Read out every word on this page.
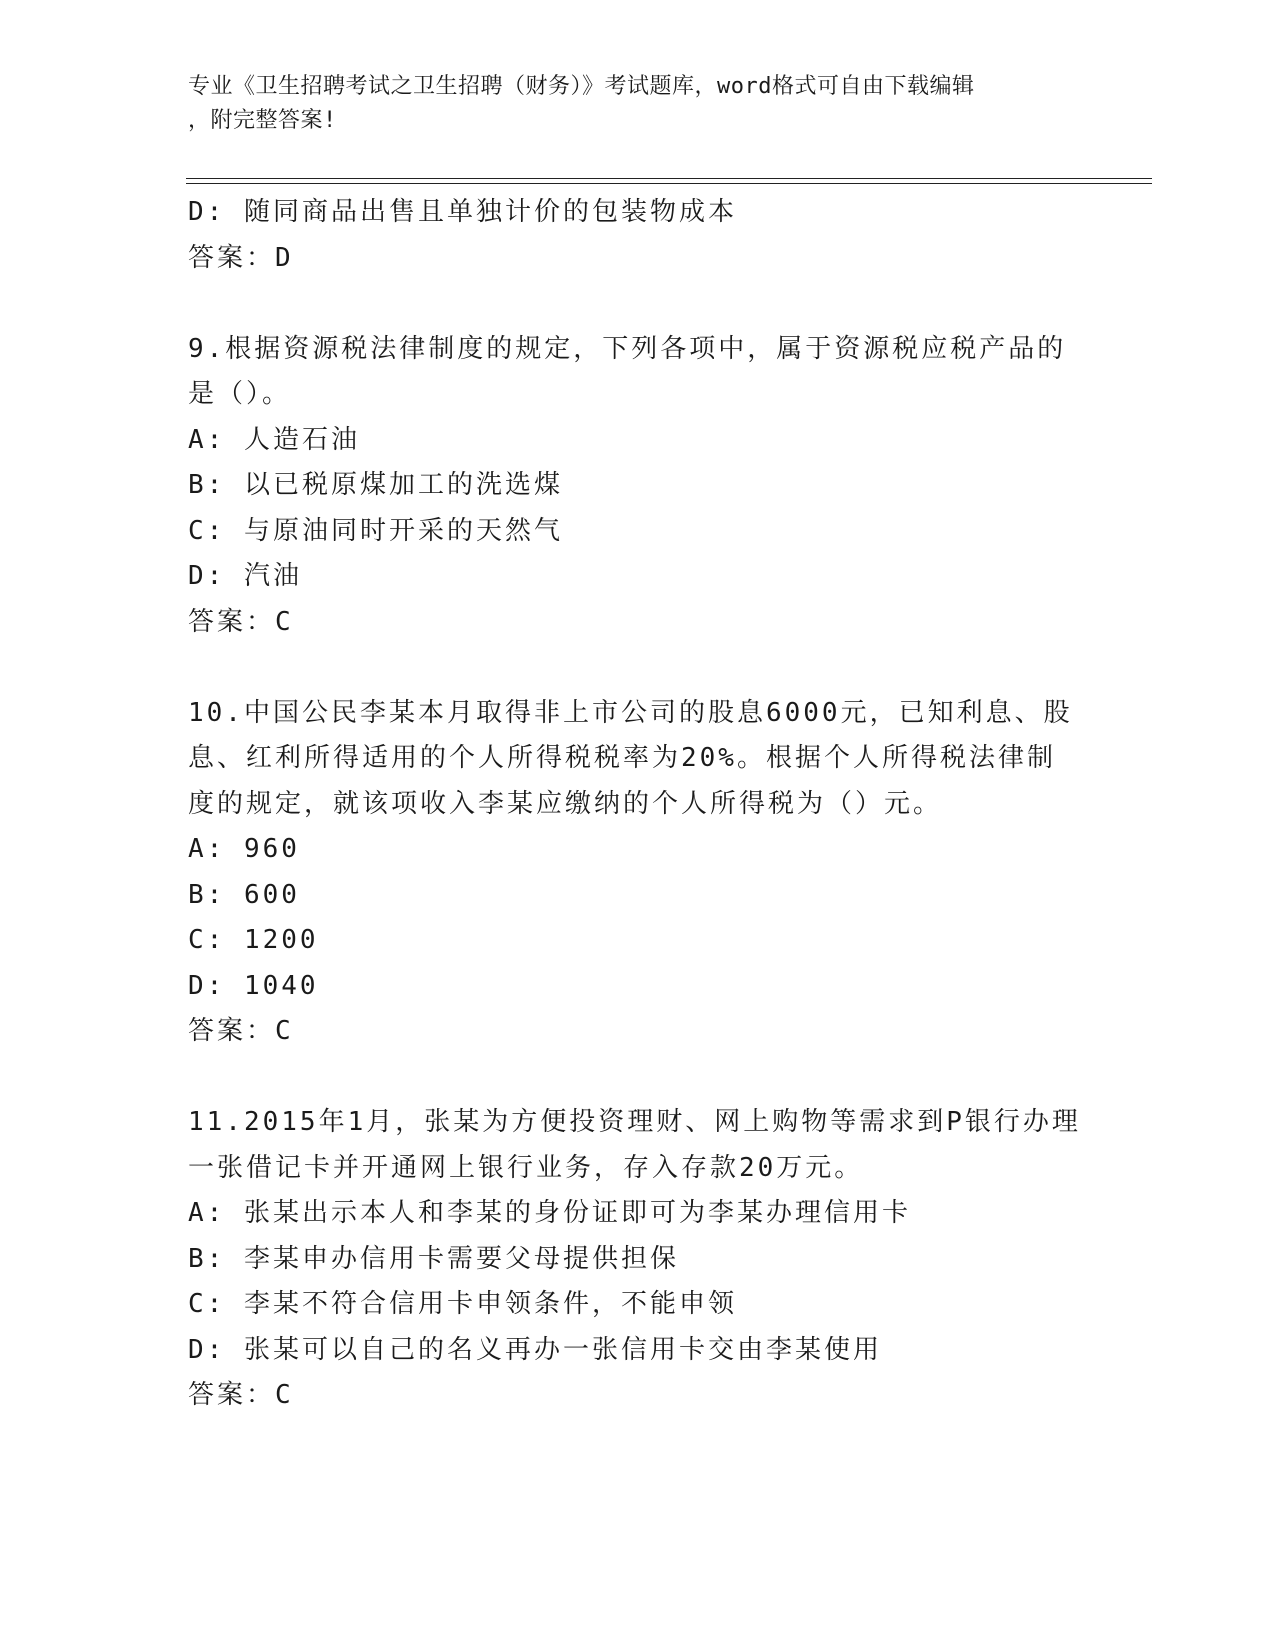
专业《卫生招聘考试之卫生招聘（财务）》考试题库，word格式可自由下载编辑
，附完整答案!
D: 随同商品出售且单独计价的包装物成本
答案：D
9.根据资源税法律制度的规定，下列各项中，属于资源税应税产品的
是（）。
A: 人造石油
B: 以已税原煤加工的洗选煤
C: 与原油同时开采的天然气
D: 汽油
答案：C
10.中国公民李某本月取得非上市公司的股息6000元，已知利息、股
息、红利所得适用的个人所得税税率为20%。根据个人所得税法律制
度的规定，就该项收入李某应缴纳的个人所得税为（）元。
A: 960
B: 600
C: 1200
D: 1040
答案：C
11.2015年1月，张某为方便投资理财、网上购物等需求到P银行办理
一张借记卡并开通网上银行业务，存入存款20万元。
A: 张某出示本人和李某的身份证即可为李某办理信用卡
B: 李某申办信用卡需要父母提供担保
C: 李某不符合信用卡申领条件，不能申领
D: 张某可以自己的名义再办一张信用卡交由李某使用
答案：C
